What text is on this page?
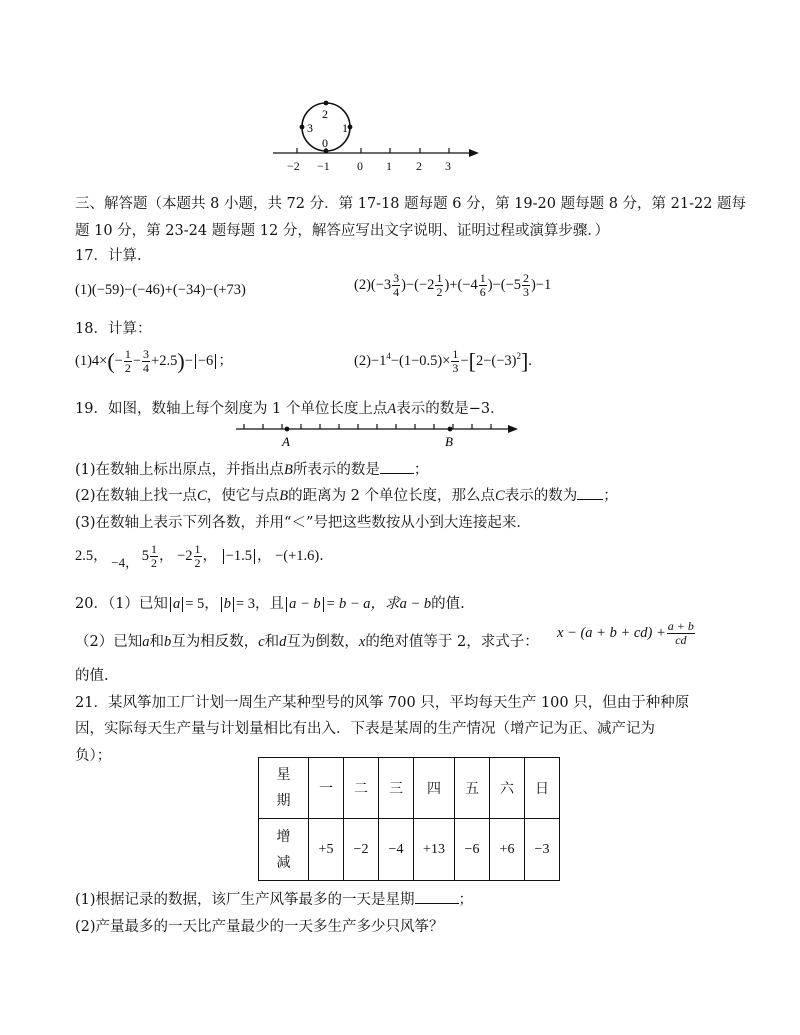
2
3 1
0
−2 −1 0 1 2 3
三、解答题（本题共 8 小题，共 72 分．第 17-18 题每题 6 分，第 19-20 题每题 8 分，第 21-22 题每
题 10 分，第 23-24 题每题 12 分，解答应写出文字说明、证明过程或演算步骤．）
17．计算.
(1)(−59)−(−46)+(−34)−(+73)	$(2)(-3 \frac{3}{4} )-(-2 \frac{1}{2} )+(-4 \frac{1}{6} )-(-5 \frac{2}{3} )-1$
18．计算：
$(1)4\times(- \frac{1}{2} - \frac{3}{4} +2.5)- -6$ ；	$(2)-1^4-(1-0.5)\times \frac{1}{3} -[2-(-3)^2]$.
19．如图，数轴上每个刻度为 1 个单位长度上点A表示的数是−3．
A	B
(1)在数轴上标出原点，并指出点B所表示的数是 ；
(2)在数轴上找一点C，使它与点B的距离为 2 个单位长度，那么点C表示的数为 ；
(3)在数轴上表示下列各数，并用“＜”号把这些数按从小到大连接起来．
2.5， −4， $5 \frac{1}{2}$ ， $-2 \frac{1}{2}$ ， −1.5 ， −(+1.6)．
20．（1）已知 a = 5， b = 3，且 a − b = b − a，求a − b的值.
（2）已知a和b互为相反数，c和d互为倒数，x的绝对值等于 2，求式子：
$x - (a + b + cd) + \frac{a + b}{cd}$
的值.
21．某风筝加工厂计划一周生产某种型号的风筝 700 只，平均每天生产 100 只，但由于种种原
因，实际每天生产量与计划量相比有出入．下表是某周的生产情况（增产记为正、减产记为
负）；
星
期	一	二	三	四	五	六	日
增
减	+5	−2	−4	+13	−6	+6	−3
(1)根据记录的数据，该厂生产风筝最多的一天是星期	；
(2)产量最多的一天比产量最少的一天多生产多少只风筝？
